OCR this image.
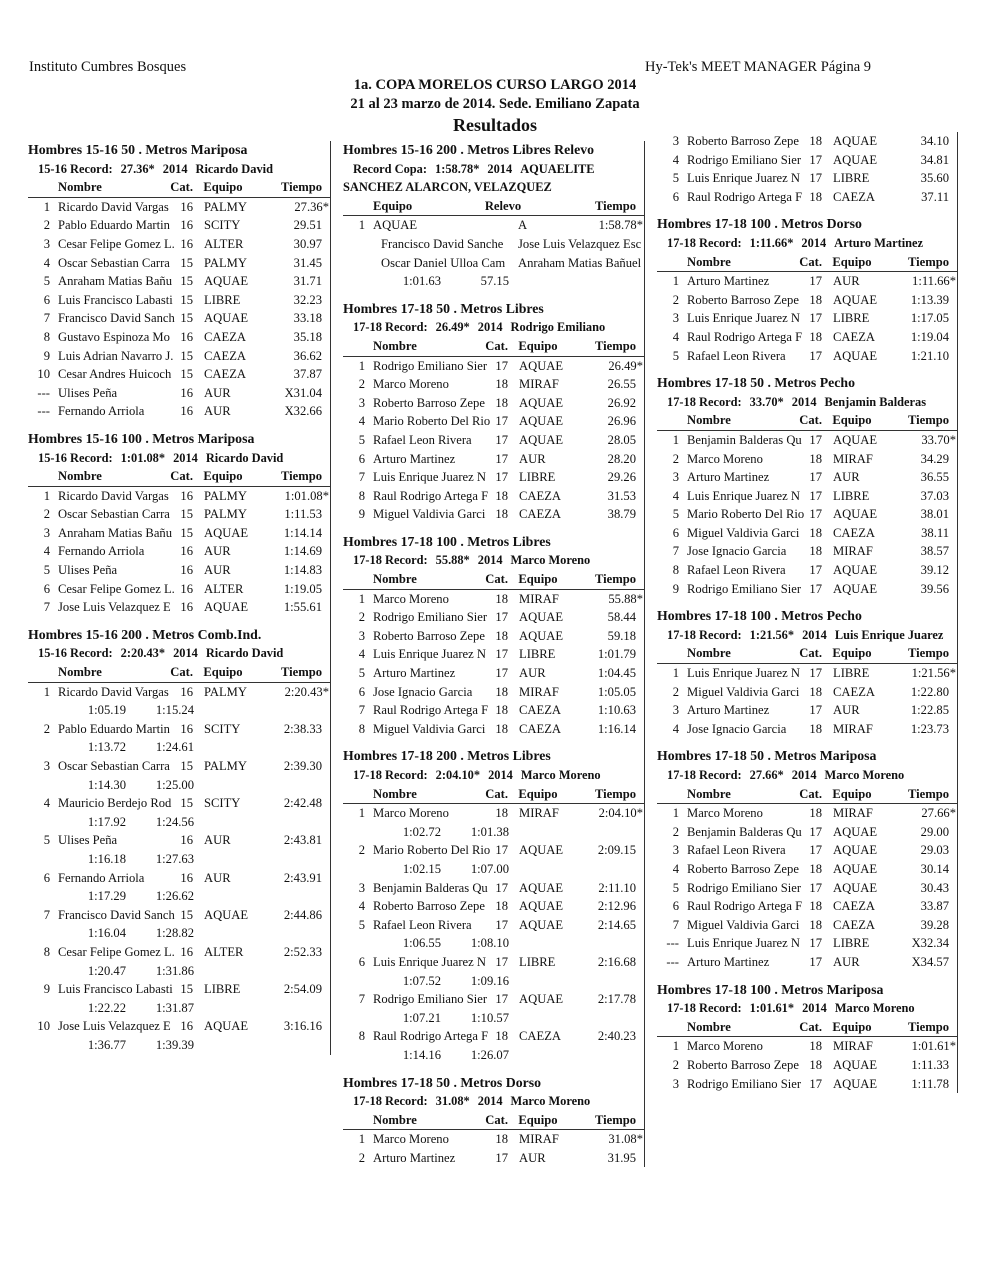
Instituto Cumbres Bosques	Hy-Tek's MEET MANAGER Página 9
1a. COPA MORELOS CURSO LARGO 2014
21 al 23 marzo de 2014. Sede. Emiliano Zapata
Resultados
Hombres 15-16 50 . Metros Mariposa
15-16 Record: 27.36* 2014 Ricardo David
Nombre	Cat. Equipo	Tiempo
1 Ricardo David Vargas 16 PALMY	27.36*
2 Pablo Eduardo Martin 16 SCITY	29.51
3 Cesar Felipe Gomez L. 16 ALTER	30.97
4 Oscar Sebastian Carra 15 PALMY	31.45
5 Anraham Matias Bañu 15 AQUAE	31.71
6 Luis Francisco Labasti 15 LIBRE	32.23
7 Francisco David Sanch 15 AQUAE	33.18
8 Gustavo Espinoza Mo 16 CAEZA	35.18
9 Luis Adrian Navarro J. 15 CAEZA	36.62
10 Cesar Andres Huicoch 15 CAEZA	37.87
--- Ulises Peña	16 AUR	X31.04
--- Fernando Arriola	16 AUR	X32.66
Hombres 15-16 100 . Metros Mariposa
15-16 Record: 1:01.08* 2014 Ricardo David
Nombre	Cat. Equipo	Tiempo
1 Ricardo David Vargas 16 PALMY	1:01.08*
2 Oscar Sebastian Carra 15 PALMY	1:11.53
3 Anraham Matias Bañu 15 AQUAE	1:14.14
4 Fernando Arriola	16 AUR	1:14.69
5 Ulises Peña	16 AUR	1:14.83
6 Cesar Felipe Gomez L. 16 ALTER	1:19.05
7 Jose Luis Velazquez E 16 AQUAE	1:55.61
Hombres 15-16 200 . Metros Comb.Ind.
15-16 Record: 2:20.43* 2014 Ricardo David
Nombre	Cat. Equipo	Tiempo
1 Ricardo David Vargas 16 PALMY	2:20.43*
1:05.19	1:15.24
2 Pablo Eduardo Martin 16 SCITY	2:38.33
1:13.72	1:24.61
3 Oscar Sebastian Carra 15 PALMY	2:39.30
1:14.30	1:25.00
4 Mauricio Berdejo Rod 15 SCITY	2:42.48
1:17.92	1:24.56
5 Ulises Peña	16 AUR	2:43.81
1:16.18	1:27.63
6 Fernando Arriola	16 AUR	2:43.91
1:17.29	1:26.62
7 Francisco David Sanch 15 AQUAE	2:44.86
1:16.04	1:28.82
8 Cesar Felipe Gomez L. 16 ALTER	2:52.33
1:20.47	1:31.86
9 Luis Francisco Labasti 15 LIBRE	2:54.09
1:22.22	1:31.87
10 Jose Luis Velazquez E 16 AQUAE	3:16.16
1:36.77	1:39.39
Hombres 15-16 200 . Metros Libres Relevo
Record Copa: 1:58.78* 2014 AQUAELITE
SANCHEZ ALARCON, VELAZQUEZ
Equipo	Relevo	Tiempo
1 AQUAE	A	1:58.78*
Francisco David Sanche	Jose Luis Velazquez Esc
Oscar Daniel Ulloa Cam	Anraham Matias Bañuel
1:01.63	57.15
Hombres 17-18 50 . Metros Libres
17-18 Record: 26.49* 2014 Rodrigo Emiliano
Nombre	Cat. Equipo	Tiempo
1 Rodrigo Emiliano Sier 17 AQUAE	26.49*
2 Marco Moreno	18 MIRAF	26.55
3 Roberto Barroso Zepe 18 AQUAE	26.92
4 Mario Roberto Del Rio 17 AQUAE	26.96
5 Rafael Leon Rivera	17 AQUAE	28.05
6 Arturo Martinez	17 AUR	28.20
7 Luis Enrique Juarez N 17 LIBRE	29.26
8 Raul Rodrigo Artega F 18 CAEZA	31.53
9 Miguel Valdivia Garci 18 CAEZA	38.79
Hombres 17-18 100 . Metros Libres
17-18 Record: 55.88* 2014 Marco Moreno
Nombre	Cat. Equipo	Tiempo
1 Marco Moreno	18 MIRAF	55.88*
2 Rodrigo Emiliano Sier 17 AQUAE	58.44
3 Roberto Barroso Zepe 18 AQUAE	59.18
4 Luis Enrique Juarez N 17 LIBRE	1:01.79
5 Arturo Martinez	17 AUR	1:04.45
6 Jose Ignacio Garcia	18 MIRAF	1:05.05
7 Raul Rodrigo Artega F 18 CAEZA	1:10.63
8 Miguel Valdivia Garci 18 CAEZA	1:16.14
Hombres 17-18 200 . Metros Libres
17-18 Record: 2:04.10* 2014 Marco Moreno
Nombre	Cat. Equipo	Tiempo
1 Marco Moreno	18 MIRAF	2:04.10*
1:02.72	1:01.38
2 Mario Roberto Del Rio 17 AQUAE	2:09.15
1:02.15	1:07.00
3 Benjamin Balderas Qu 17 AQUAE	2:11.10
4 Roberto Barroso Zepe 18 AQUAE	2:12.96
5 Rafael Leon Rivera	17 AQUAE	2:14.65
1:06.55	1:08.10
6 Luis Enrique Juarez N 17 LIBRE	2:16.68
1:07.52	1:09.16
7 Rodrigo Emiliano Sier 17 AQUAE	2:17.78
1:07.21	1:10.57
8 Raul Rodrigo Artega F 18 CAEZA	2:40.23
1:14.16	1:26.07
Hombres 17-18 50 . Metros Dorso
17-18 Record: 31.08* 2014 Marco Moreno
Nombre	Cat. Equipo	Tiempo
1 Marco Moreno	18 MIRAF	31.08*
2 Arturo Martinez	17 AUR	31.95
3 Roberto Barroso Zepe 18 AQUAE	34.10
4 Rodrigo Emiliano Sier 17 AQUAE	34.81
5 Luis Enrique Juarez N 17 LIBRE	35.60
6 Raul Rodrigo Artega F 18 CAEZA	37.11
Hombres 17-18 100 . Metros Dorso
17-18 Record: 1:11.66* 2014 Arturo Martinez
Nombre	Cat. Equipo	Tiempo
1 Arturo Martinez	17 AUR	1:11.66*
2 Roberto Barroso Zepe 18 AQUAE	1:13.39
3 Luis Enrique Juarez N 17 LIBRE	1:17.05
4 Raul Rodrigo Artega F 18 CAEZA	1:19.04
5 Rafael Leon Rivera	17 AQUAE	1:21.10
Hombres 17-18 50 . Metros Pecho
17-18 Record: 33.70* 2014 Benjamin Balderas
Nombre	Cat. Equipo	Tiempo
1 Benjamin Balderas Qu 17 AQUAE	33.70*
2 Marco Moreno	18 MIRAF	34.29
3 Arturo Martinez	17 AUR	36.55
4 Luis Enrique Juarez N 17 LIBRE	37.03
5 Mario Roberto Del Rio 17 AQUAE	38.01
6 Miguel Valdivia Garci 18 CAEZA	38.11
7 Jose Ignacio Garcia	18 MIRAF	38.57
8 Rafael Leon Rivera	17 AQUAE	39.12
9 Rodrigo Emiliano Sier 17 AQUAE	39.56
Hombres 17-18 100 . Metros Pecho
17-18 Record: 1:21.56* 2014 Luis Enrique Juarez
Nombre	Cat. Equipo	Tiempo
1 Luis Enrique Juarez N 17 LIBRE	1:21.56*
2 Miguel Valdivia Garci 18 CAEZA	1:22.80
3 Arturo Martinez	17 AUR	1:22.85
4 Jose Ignacio Garcia	18 MIRAF	1:23.73
Hombres 17-18 50 . Metros Mariposa
17-18 Record: 27.66* 2014 Marco Moreno
Nombre	Cat. Equipo	Tiempo
1 Marco Moreno	18 MIRAF	27.66*
2 Benjamin Balderas Qu 17 AQUAE	29.00
3 Rafael Leon Rivera	17 AQUAE	29.03
4 Roberto Barroso Zepe 18 AQUAE	30.14
5 Rodrigo Emiliano Sier 17 AQUAE	30.43
6 Raul Rodrigo Artega F 18 CAEZA	33.87
7 Miguel Valdivia Garci 18 CAEZA	39.28
--- Luis Enrique Juarez N 17 LIBRE	X32.34
--- Arturo Martinez	17 AUR	X34.57
Hombres 17-18 100 . Metros Mariposa
17-18 Record: 1:01.61* 2014 Marco Moreno
Nombre	Cat. Equipo	Tiempo
1 Marco Moreno	18 MIRAF	1:01.61*
2 Roberto Barroso Zepe 18 AQUAE	1:11.33
3 Rodrigo Emiliano Sier 17 AQUAE	1:11.78
